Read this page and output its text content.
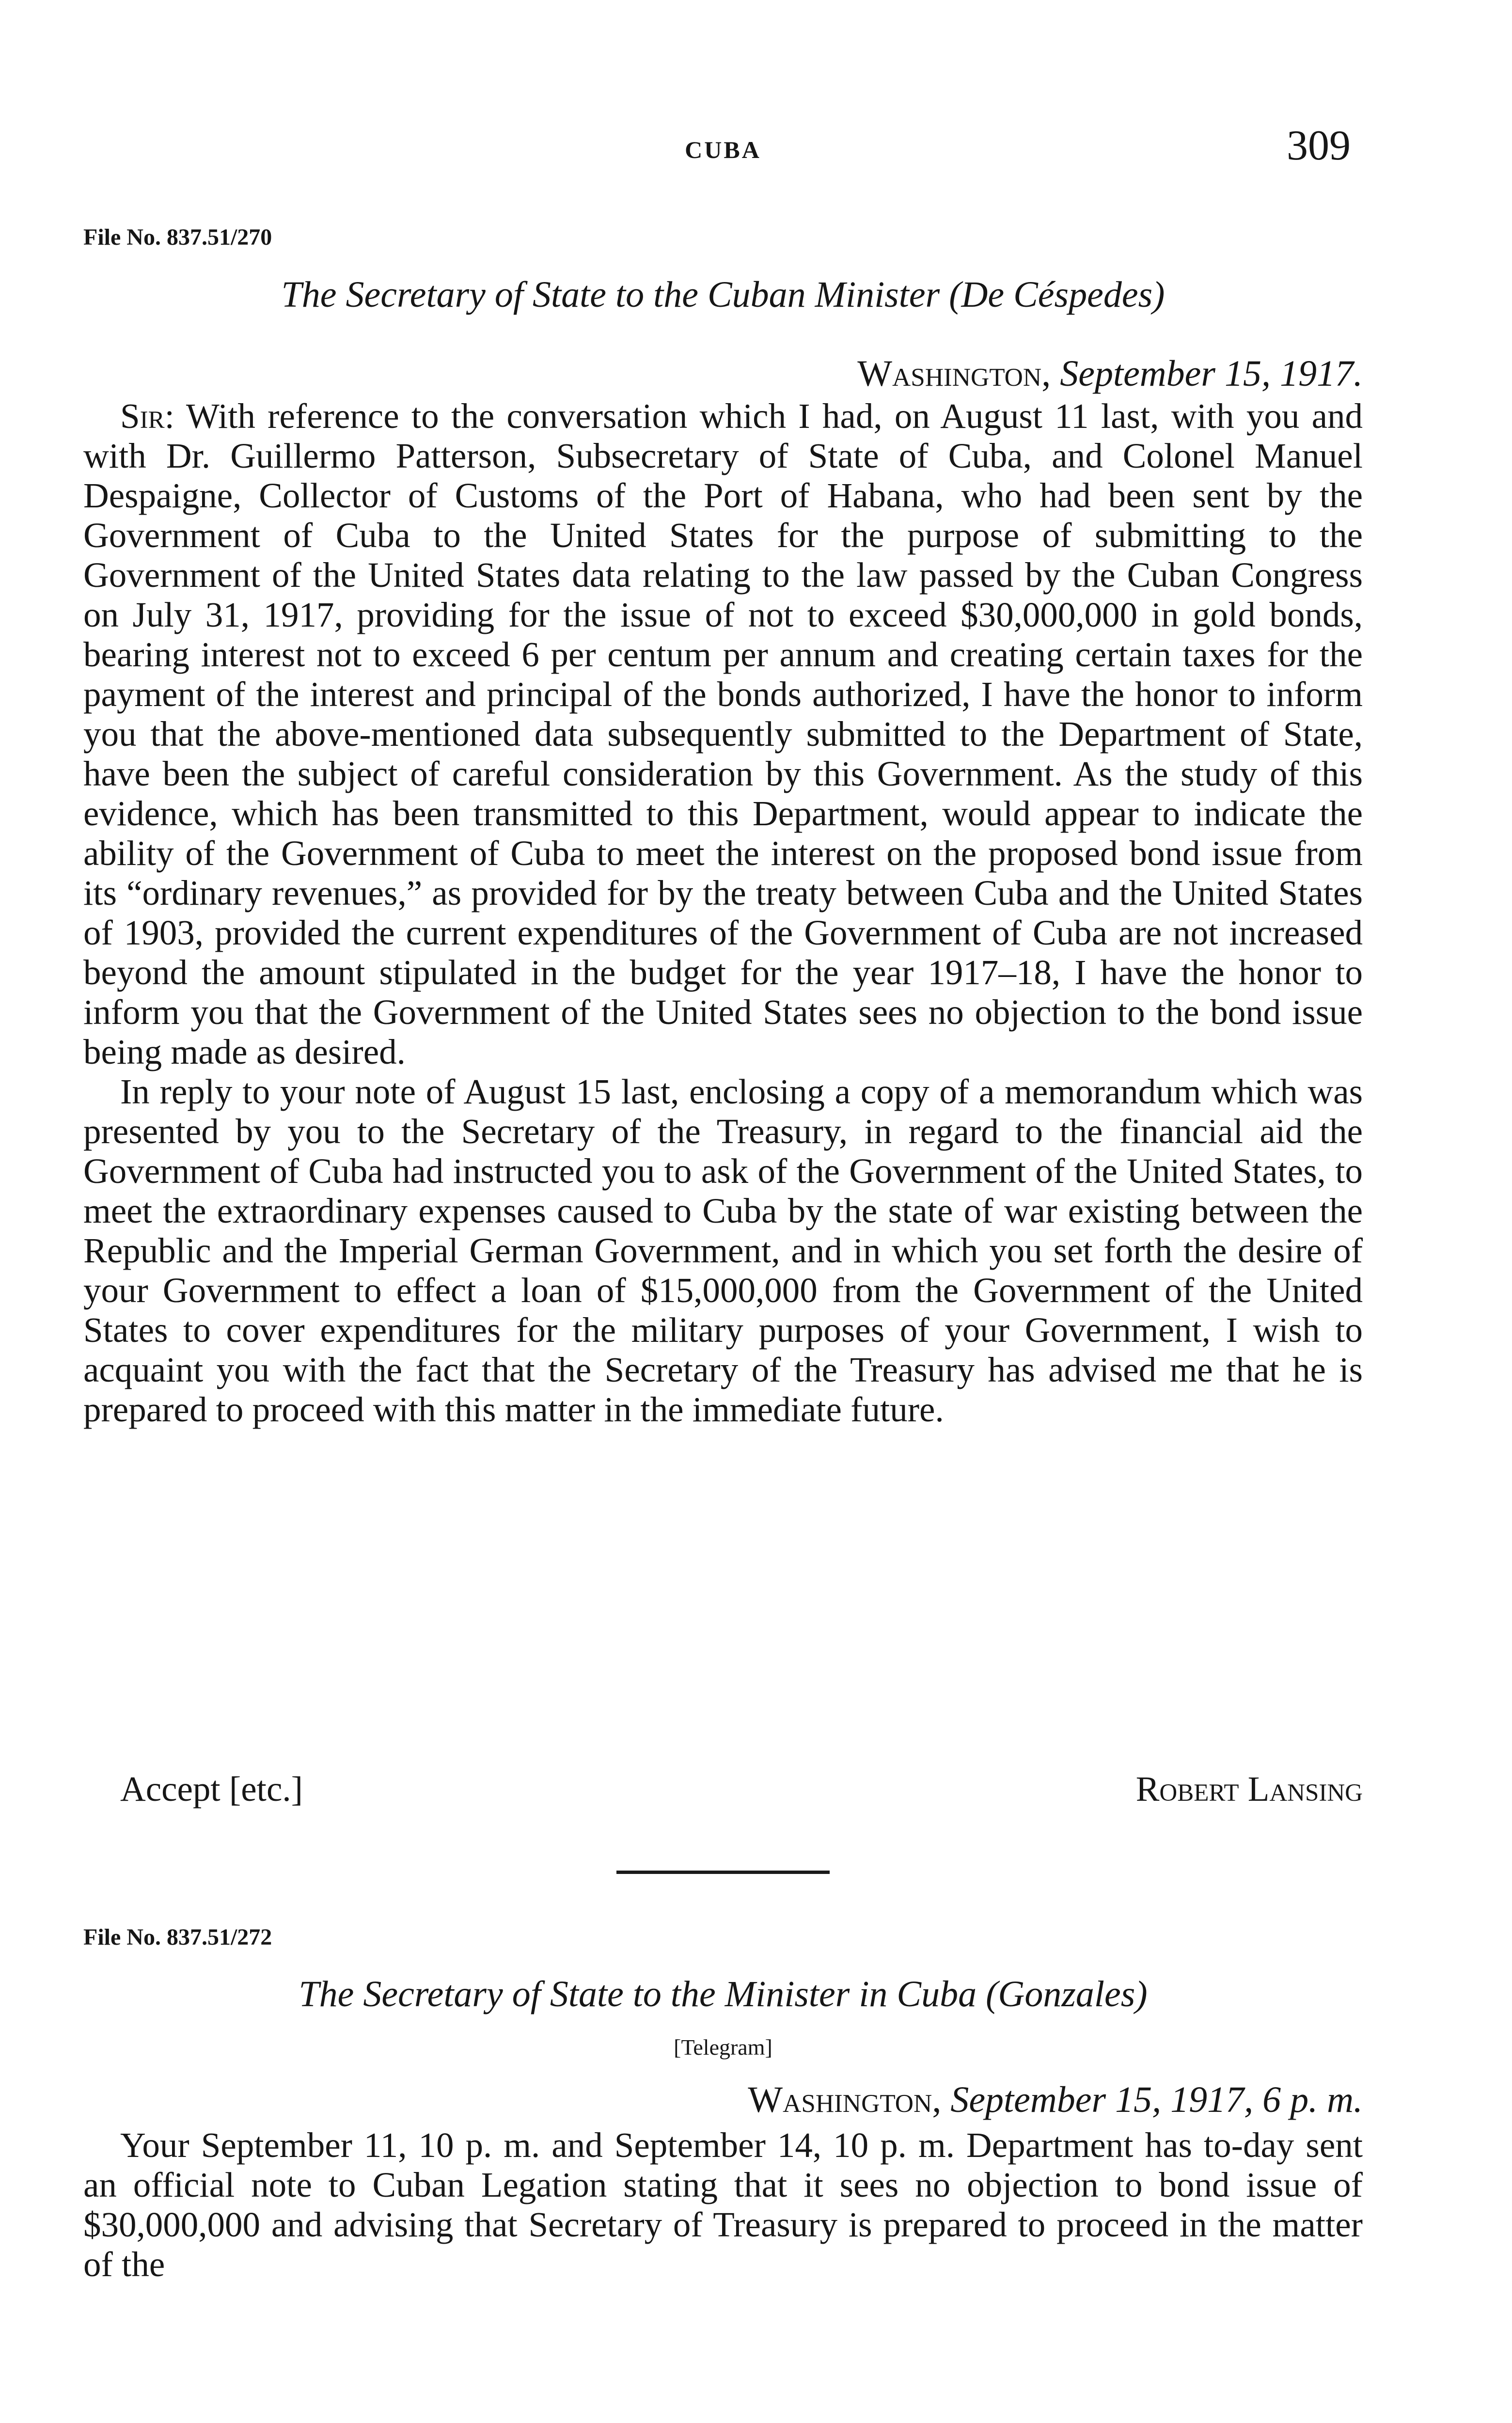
CUBA	309
File No. 837.51/270
The Secretary of State to the Cuban Minister (De Céspedes)
Washington, September 15, 1917.

Sir: With reference to the conversation which I had, on August 11 last, with you and with Dr. Guillermo Patterson, Subsecretary of State of Cuba, and Colonel Manuel Despaigne, Collector of Customs of the Port of Habana, who had been sent by the Government of Cuba to the United States for the purpose of submitting to the Government of the United States data relating to the law passed by the Cuban Congress on July 31, 1917, providing for the issue of not to exceed $30,000,000 in gold bonds, bearing interest not to exceed 6 per centum per annum and creating certain taxes for the payment of the interest and principal of the bonds authorized, I have the honor to inform you that the above-mentioned data subsequently submitted to the Department of State, have been the subject of careful consideration by this Government. As the study of this evidence, which has been transmitted to this Department, would appear to indicate the ability of the Government of Cuba to meet the interest on the proposed bond issue from its “ordinary revenues,” as provided for by the treaty between Cuba and the United States of 1903, provided the current expenditures of the Government of Cuba are not increased beyond the amount stipulated in the budget for the year 1917–18, I have the honor to inform you that the Government of the United States sees no objection to the bond issue being made as desired.

In reply to your note of August 15 last, enclosing a copy of a memorandum which was presented by you to the Secretary of the Treasury, in regard to the financial aid the Government of Cuba had instructed you to ask of the Government of the United States, to meet the extraordinary expenses caused to Cuba by the state of war existing between the Republic and the Imperial German Government, and in which you set forth the desire of your Government to effect a loan of $15,000,000 from the Government of the United States to cover expenditures for the military purposes of your Government, I wish to acquaint you with the fact that the Secretary of the Treasury has advised me that he is prepared to proceed with this matter in the immediate future.

Accept [etc.]	Robert Lansing
File No. 837.51/272
The Secretary of State to the Minister in Cuba (Gonzales)
[Telegram]
Washington, September 15, 1917, 6 p. m.

Your September 11, 10 p. m. and September 14, 10 p. m. Department has to-day sent an official note to Cuban Legation stating that it sees no objection to bond issue of $30,000,000 and advising that Secretary of Treasury is prepared to proceed in the matter of the
